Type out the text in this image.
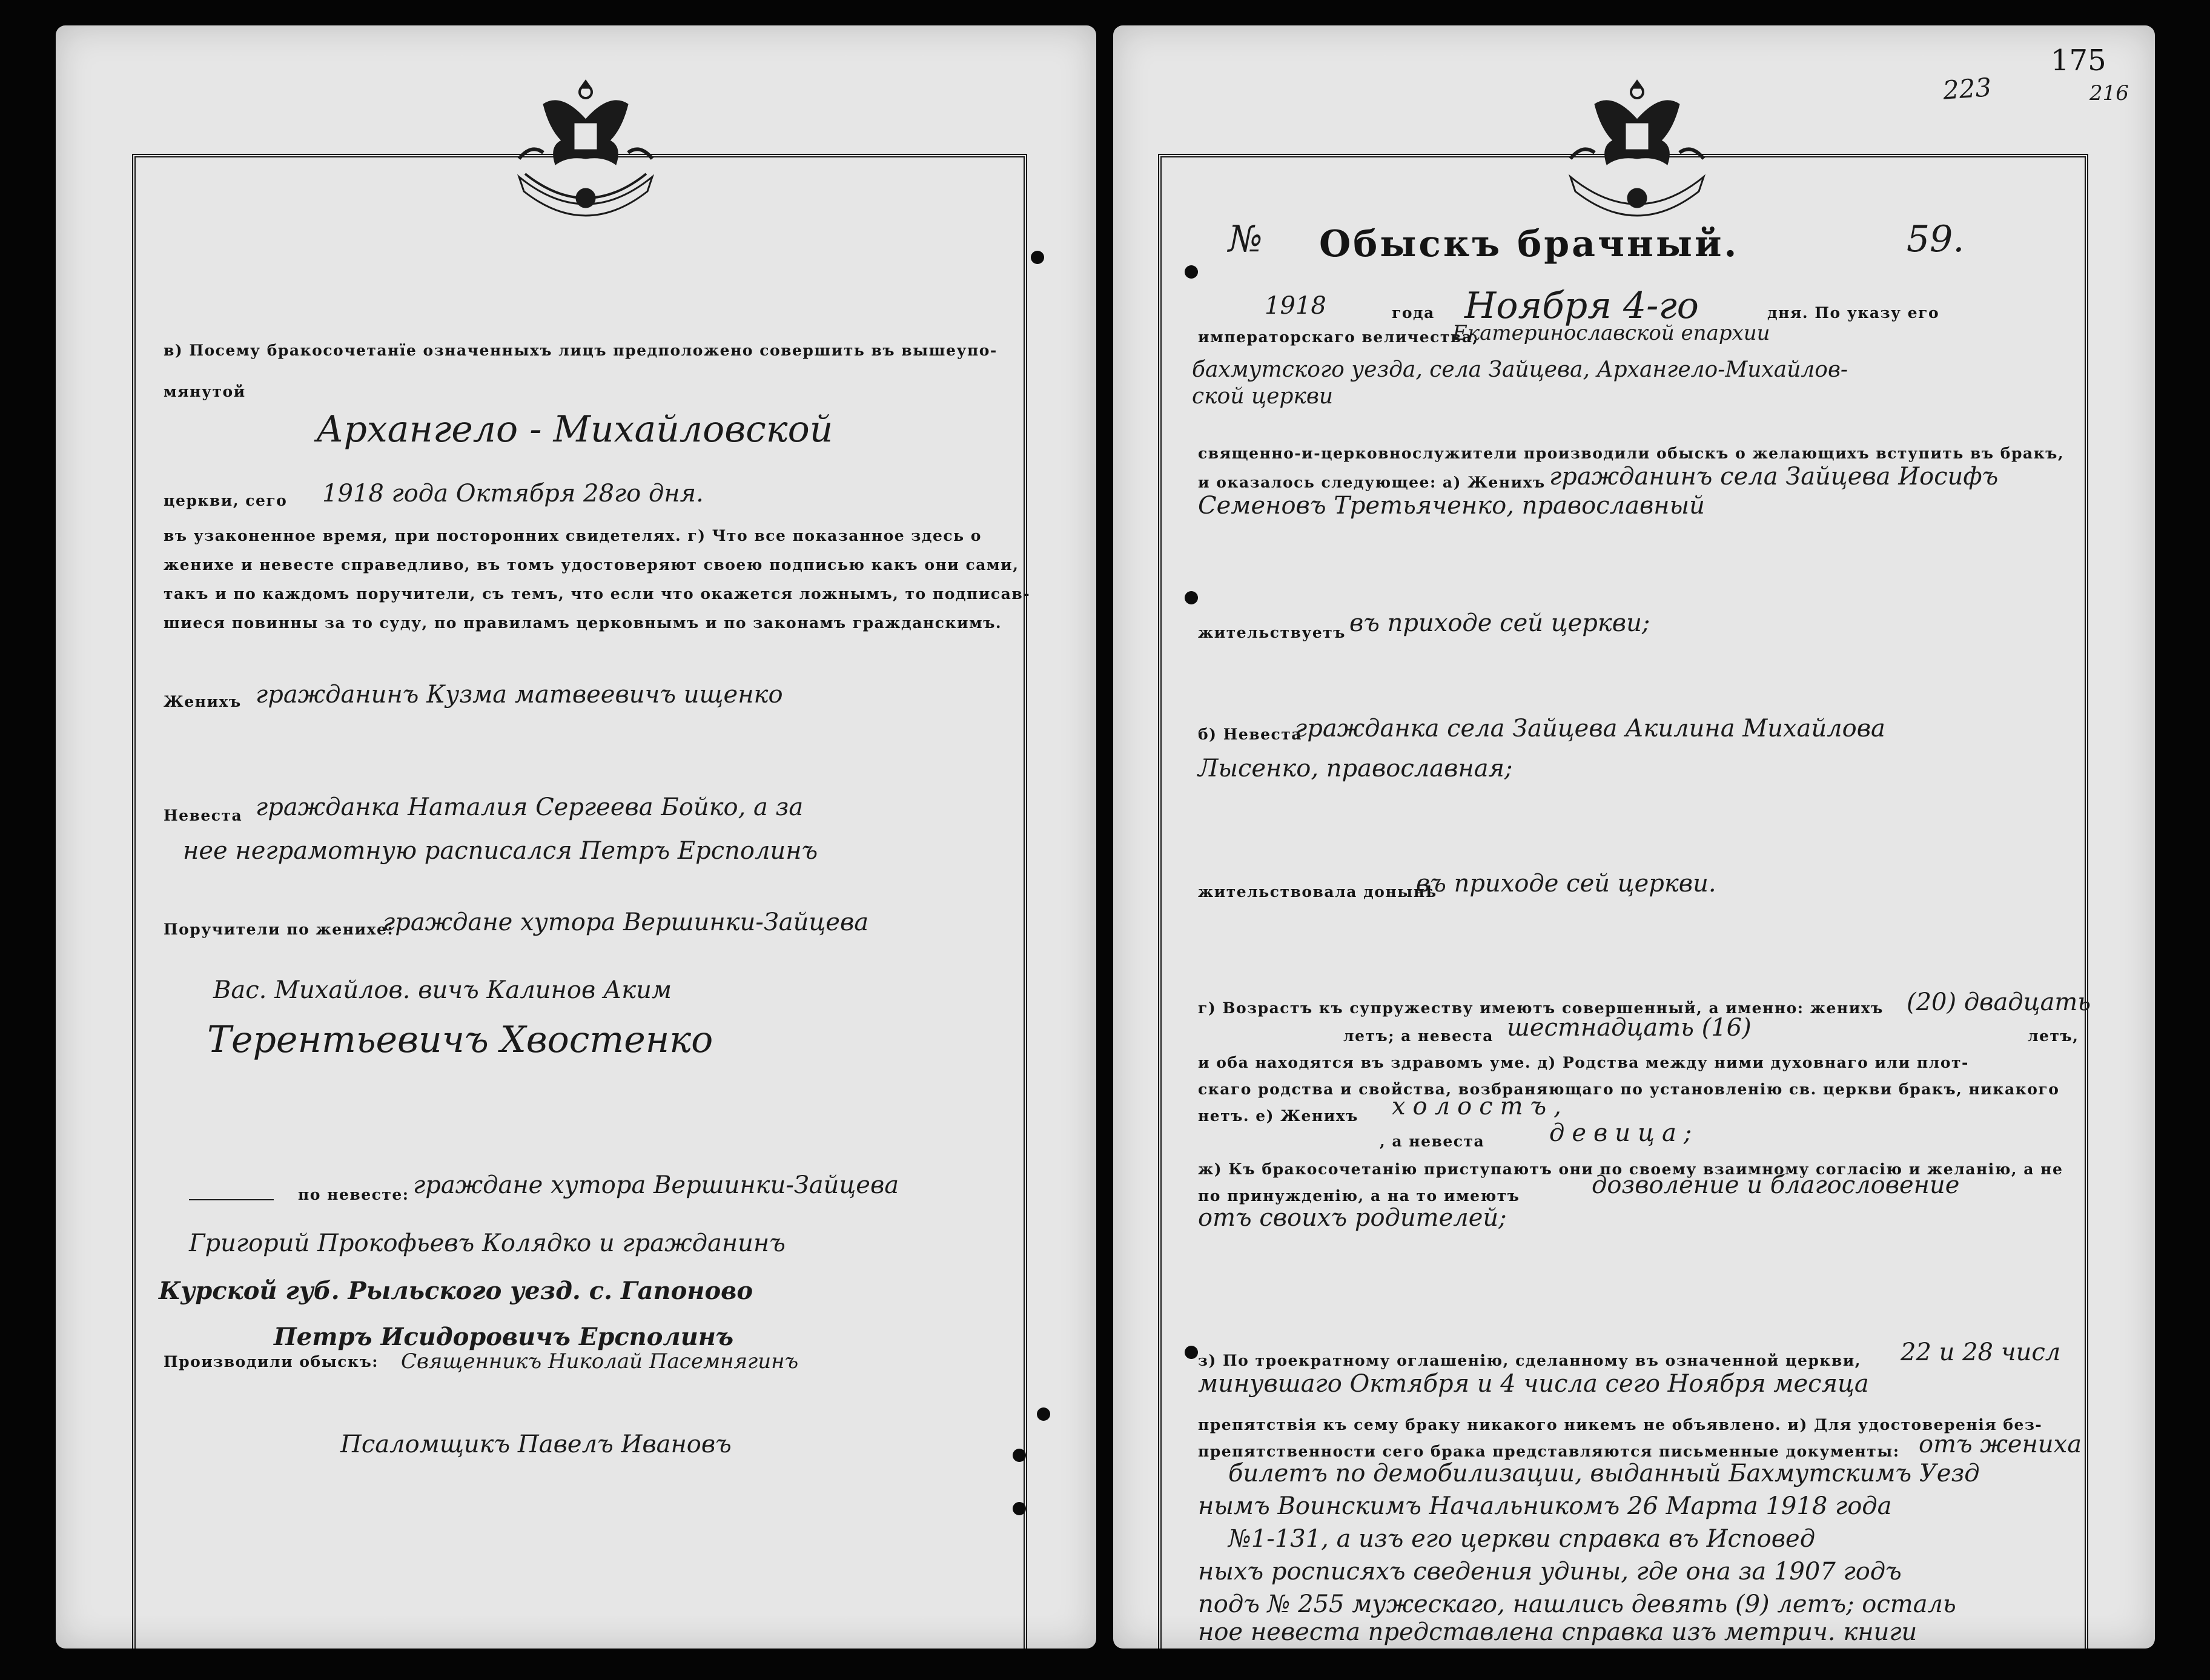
в) Посему бракосочетанїе означенныхъ лицъ предположено совершить въ вышеупо-
мянутой
Архангело - Михайловской
церкви, сего 1918 года Октября 28го дня.
въ узаконенное время, при посторонних свидетелях. г) Что все показанное здесь о
женихе и невесте справедливо, въ томъ удостоверяют своею подписью какъ они сами,
такъ и по каждомъ поручители, съ темъ, что если что окажется ложнымъ, то подписав-
шиеся повинны за то суду, по правиламъ церковнымъ и по законамъ гражданскимъ.
Женихъ гражданинъ Кузма матвеевичъ ищенко
Невеста гражданка Наталия Сергеева Бойко, а за
нее неграмотную расписался Петръ Ерсполинъ
Поручители по женихе:
граждане хутора Вершинки-Зайцева
Вас. Михайлов. вичъ Калинов Аким
Терентьевичъ Хвостенко
по невесте: граждане хутора Вершинки-Зайцева
Григорий Прокофьевъ Колядко и гражданинъ
Курской губ. Рыльского уезд. с. Гапоново
Петръ Исидоровичъ Ерсполинъ
Производили обыскъ: Священникъ Николай Пасемнягинъ
Псаломщикъ Павелъ Ивановъ
175
223	216
№ Обыскъ брачный.	59.
1918	года Ноября 4-го	дня. По указу его
императорскаго величества,
Екатеринославской епархии
бахмутского уезда, села Зайцева, Архангело-Михайлов-
ской церкви
священно-и-церковнослужители производили обыскъ о желающихъ вступить въ бракъ,
и оказалось следующее: а) Женихъ гражданинъ села Зайцева Иосифъ
Семеновъ Третьяченко, православный
жительствуетъ въ приходе сей церкви;
б) Невеста
гражданка села Зайцева Акилина Михайлова
Лысенко, православная;
жительствовала донынѣ
въ приходе сей церкви.
г) Возрастъ къ супружеству имеютъ совершенный, а именно: женихъ (20) двадцать
летъ; а невеста шестнадцать (16)	летъ,
и оба находятся въ здравомъ уме. д) Родства между ними духовнаго или плот-
скаго родства и свойства, возбраняющаго по установленію св. церкви бракъ, никакого
нетъ. е) Женихъ холостъ,
, а невеста	девица;
ж) Къ бракосочетанію приступаютъ они по своему взаимному согласію и желанію, а не
по принужденію, а на то имеютъ	дозволение и благословение
отъ своихъ родителей;
з) По троекратному оглашенію, сделанному въ означенной церкви, 22 и 28 числ
минувшаго Октября и 4 числа сего Ноября месяца
препятствія къ сему браку никакого никемъ не объявлено. и) Для удостоверенія без-
препятственности сего брака представляются письменные документы: отъ жениха
билетъ по демобилизации, выданный Бахмутскимъ Уезд
нымъ Воинскимъ Начальникомъ 26 Марта 1918 года
№1-131, а изъ его церкви справка въ Исповед
ныхъ росписяхъ сведения удины, где она за 1907 годъ
подъ № 255 мужескаго, нашлись девять (9) летъ; осталь
ное невеста представлена справка изъ метрич. книги
